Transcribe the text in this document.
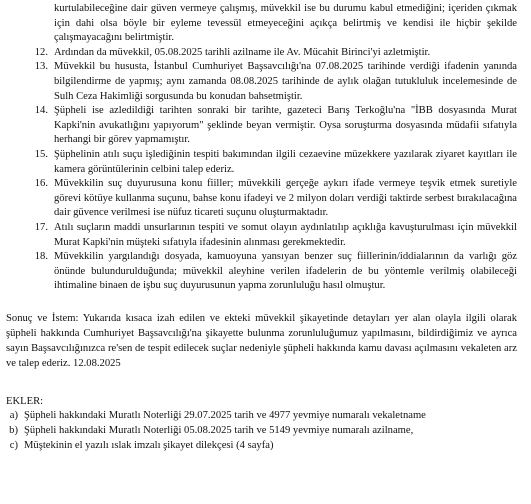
kurtulabileceğine dair güven vermeye çalışmış, müvekkil ise bu durumu kabul etmediğini; içeriden çıkmak için dahi olsa böyle bir eyleme tevessül etmeyeceğini açıkça belirtmiş ve kendisi ile hiçbir şekilde çalışmayacağını belirtmiştir.
12. Ardından da müvekkil, 05.08.2025 tarihli azilname ile Av. Mücahit Birinci'yi azletmiştir.
13. Müvekkil bu hususta, İstanbul Cumhuriyet Başsavcılığı'na 07.08.2025 tarihinde verdiği ifadenin yanında bilgilendirme de yapmış; aynı zamanda 08.08.2025 tarihinde de aylık olağan tutukluluk incelemesinde de Sulh Ceza Hakimliği sorgusunda bu konudan bahsetmiştir.
14. Şüpheli ise azledildiği tarihten sonraki bir tarihte, gazeteci Barış Terkoğlu'na "İBB dosyasında Murat Kapki'nin avukatlığını yapıyorum" şeklinde beyan vermiştir. Oysa soruşturma dosyasında müdafii sıfatıyla herhangi bir görev yapmamıştır.
15. Şüphelinin atılı suçu işlediğinin tespiti bakımından ilgili cezaevine müzekkere yazılarak ziyaret kayıtları ile kamera görüntülerinin celbini talep ederiz.
16. Müvekkilin suç duyurusuna konu fiiller; müvekkili gerçeğe aykırı ifade vermeye teşvik etmek suretiyle görevi kötüye kullanma suçunu, bahse konu ifadeyi ve 2 milyon doları verdiği taktirde serbest bırakılacağına dair güvence verilmesi ise nüfuz ticareti suçunu oluşturmaktadır.
17. Atılı suçların maddi unsurlarının tespiti ve somut olayın aydınlatılıp açıklığa kavuşturulması için müvekkil Murat Kapki'nin müşteki sıfatıyla ifadesinin alınması gerekmektedir.
18. Müvekkilin yargılandığı dosyada, kamuoyuna yansıyan benzer suç fiillerinin/iddialarının da varlığı göz önünde bulundurulduğunda; müvekkil aleyhine verilen ifadelerin de bu yöntemle verilmiş olabileceği ihtimaline binaen de işbu suç duyurusunun yapma zorunluluğu hasıl olmuştur.
Sonuç ve İstem: Yukarıda kısaca izah edilen ve ekteki müvekkil şikayetinde detayları yer alan olayla ilgili olarak şüpheli hakkında Cumhuriyet Başsavcılığı'na şikayette bulunma zorunluluğumuz yapılmasını, bildirdiğimiz ve ayrıca sayın Başsavcılığınızca re'sen de tespit edilecek suçlar nedeniyle şüpheli hakkında kamu davası açılmasını vekaleten arz ve talep ederiz. 12.08.2025
EKLER:
a) Şüpheli hakkındaki Muratlı Noterliği 29.07.2025 tarih ve 4977 yevmiye numaralı vekaletname
b) Şüpheli hakkındaki Muratlı Noterliği 05.08.2025 tarih ve 5149 yevmiye numaralı azilname,
c) Müştekinin el yazılı ıslak imzalı şikayet dilekçesi (4 sayfa)
